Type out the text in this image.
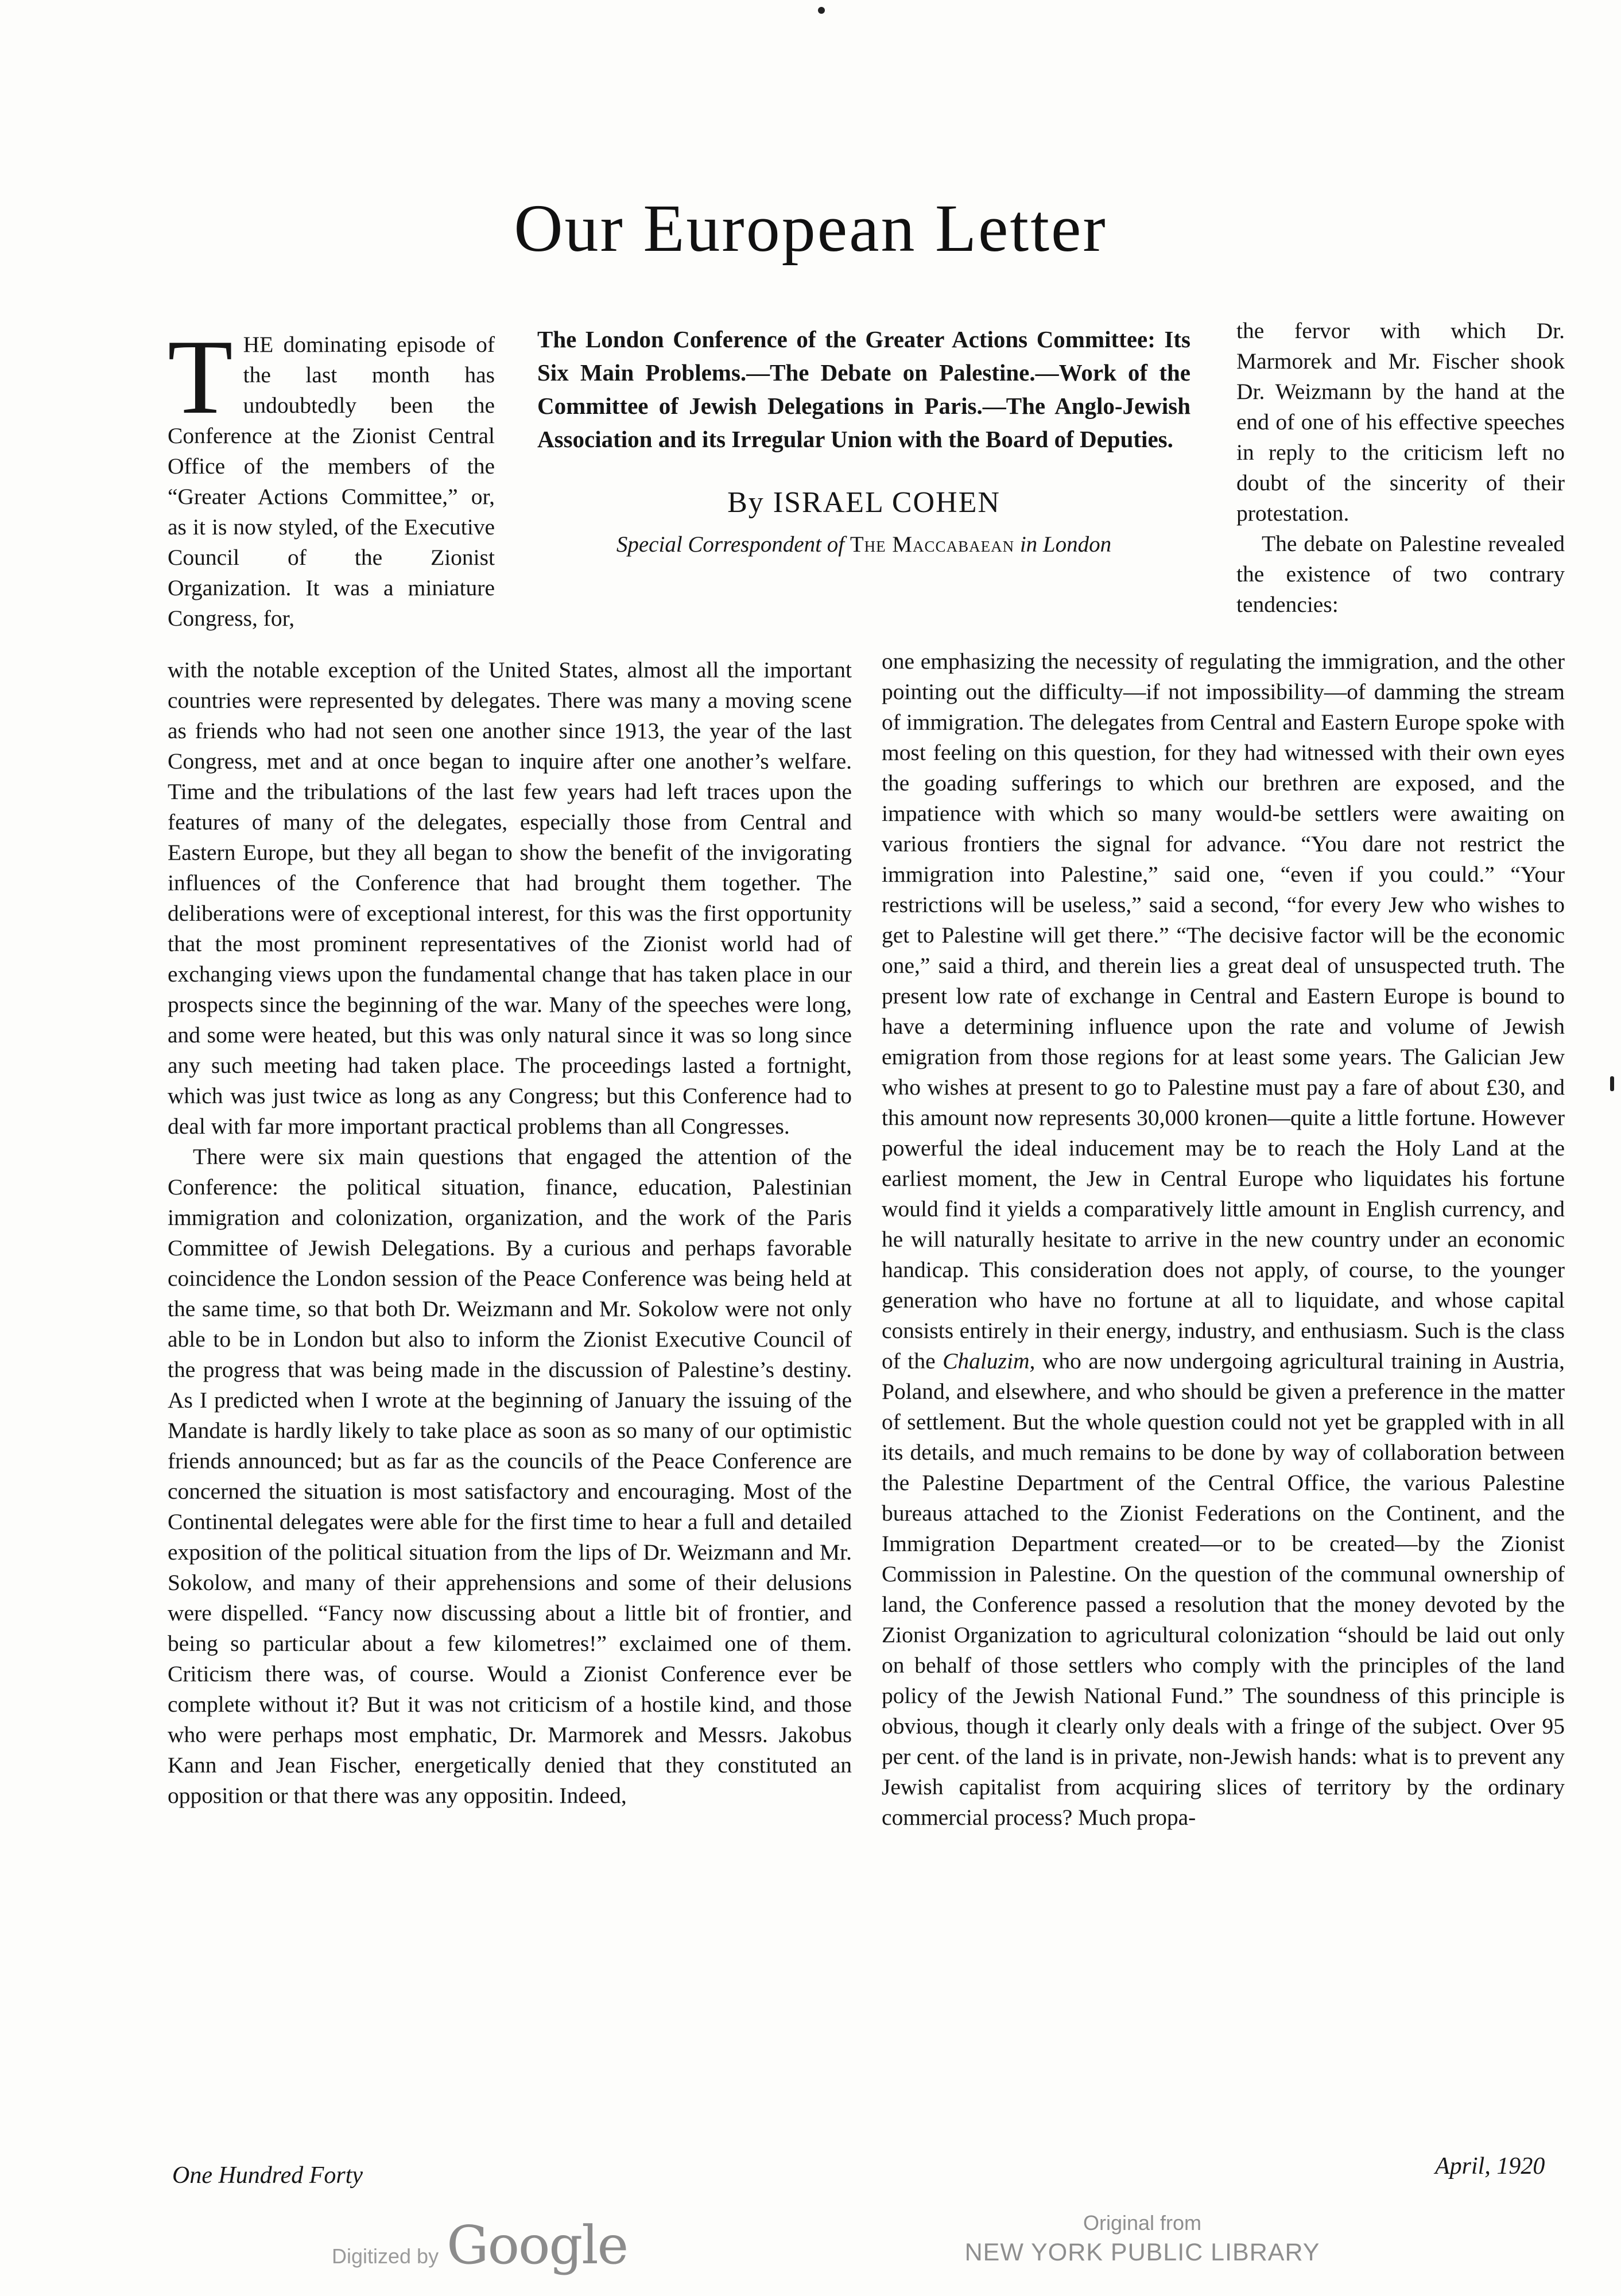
Our European Letter

THE dominating episode of the last month has undoubtedly been the Conference at the Zionist Central Office of the members of the “Greater Actions Committee,” or, as it is now styled, of the Executive Council of the Zionist Organization. It was a miniature Congress, for,

The London Conference of the Greater Actions Committee: Its Six Main Problems.—The Debate on Palestine.—Work of the Committee of Jewish Delegations in Paris.—The Anglo-Jewish Association and its Irregular Union with the Board of Deputies.

By ISRAEL COHEN

Special Correspondent of The Maccabaean in London

the fervor with which Dr. Marmorek and Mr. Fischer shook Dr. Weizmann by the hand at the end of one of his effective speeches in reply to the criticism left no doubt of the sincerity of their protestation.

The debate on Palestine revealed the existence of two contrary tendencies:

with the notable exception of the United States, almost all the important countries were represented by delegates. There was many a moving scene as friends who had not seen one another since 1913, the year of the last Congress, met and at once began to inquire after one another’s welfare. Time and the tribulations of the last few years had left traces upon the features of many of the delegates, especially those from Central and Eastern Europe, but they all began to show the benefit of the invigorating influences of the Conference that had brought them together. The deliberations were of exceptional interest, for this was the first opportunity that the most prominent representatives of the Zionist world had of exchanging views upon the fundamental change that has taken place in our prospects since the beginning of the war. Many of the speeches were long, and some were heated, but this was only natural since it was so long since any such meeting had taken place. The proceedings lasted a fortnight, which was just twice as long as any Congress; but this Conference had to deal with far more important practical problems than all Congresses.

There were six main questions that engaged the attention of the Conference: the political situation, finance, education, Palestinian immigration and colonization, organization, and the work of the Paris Committee of Jewish Delegations. By a curious and perhaps favorable coincidence the London session of the Peace Conference was being held at the same time, so that both Dr. Weizmann and Mr. Sokolow were not only able to be in London but also to inform the Zionist Executive Council of the progress that was being made in the discussion of Palestine’s destiny. As I predicted when I wrote at the beginning of January the issuing of the Mandate is hardly likely to take place as soon as so many of our optimistic friends announced; but as far as the councils of the Peace Conference are concerned the situation is most satisfactory and encouraging. Most of the Continental delegates were able for the first time to hear a full and detailed exposition of the political situation from the lips of Dr. Weizmann and Mr. Sokolow, and many of their apprehensions and some of their delusions were dispelled. “Fancy now discussing about a little bit of frontier, and being so particular about a few kilometres!” exclaimed one of them. Criticism there was, of course. Would a Zionist Conference ever be complete without it? But it was not criticism of a hostile kind, and those who were perhaps most emphatic, Dr. Marmorek and Messrs. Jakobus Kann and Jean Fischer, energetically denied that they constituted an opposition or that there was any oppositin. Indeed,

one emphasizing the necessity of regulating the immigration, and the other pointing out the difficulty—if not impossibility—of damming the stream of immigration. The delegates from Central and Eastern Europe spoke with most feeling on this question, for they had witnessed with their own eyes the goading sufferings to which our brethren are exposed, and the impatience with which so many would-be settlers were awaiting on various frontiers the signal for advance. “You dare not restrict the immigration into Palestine,” said one, “even if you could.” “Your restrictions will be useless,” said a second, “for every Jew who wishes to get to Palestine will get there.” “The decisive factor will be the economic one,” said a third, and therein lies a great deal of unsuspected truth. The present low rate of exchange in Central and Eastern Europe is bound to have a determining influence upon the rate and volume of Jewish emigration from those regions for at least some years. The Galician Jew who wishes at present to go to Palestine must pay a fare of about £30, and this amount now represents 30,000 kronen—quite a little fortune. However powerful the ideal inducement may be to reach the Holy Land at the earliest moment, the Jew in Central Europe who liquidates his fortune would find it yields a comparatively little amount in English currency, and he will naturally hesitate to arrive in the new country under an economic handicap. This consideration does not apply, of course, to the younger generation who have no fortune at all to liquidate, and whose capital consists entirely in their energy, industry, and enthusiasm. Such is the class of the Chaluzim, who are now undergoing agricultural training in Austria, Poland, and elsewhere, and who should be given a preference in the matter of settlement. But the whole question could not yet be grappled with in all its details, and much remains to be done by way of collaboration between the Palestine Department of the Central Office, the various Palestine bureaus attached to the Zionist Federations on the Continent, and the Immigration Department created—or to be created—by the Zionist Commission in Palestine. On the question of the communal ownership of land, the Conference passed a resolution that the money devoted by the Zionist Organization to agricultural colonization “should be laid out only on behalf of those settlers who comply with the principles of the land policy of the Jewish National Fund.” The soundness of this principle is obvious, though it clearly only deals with a fringe of the subject. Over 95 per cent. of the land is in private, non-Jewish hands: what is to prevent any Jewish capitalist from acquiring slices of territory by the ordinary commercial process? Much propa-

One Hundred Forty	April, 1920
Digitized by Google	Original from
NEW YORK PUBLIC LIBRARY
